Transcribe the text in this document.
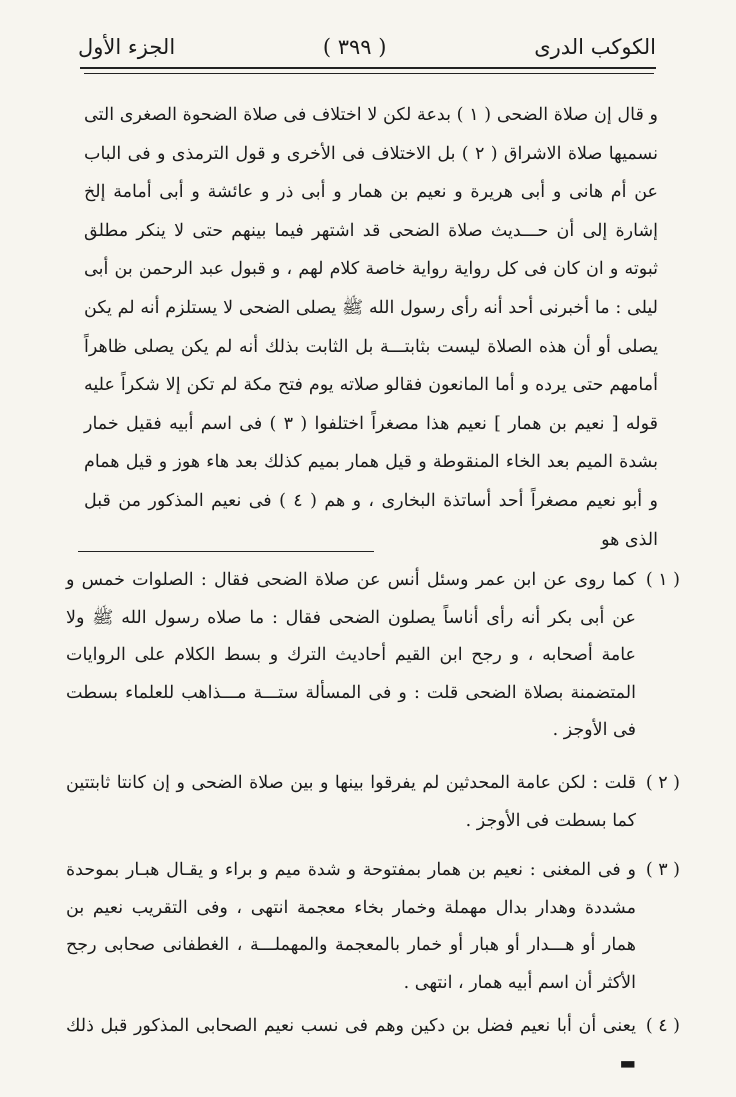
الكوكب الدرى
( ٣٩٩ )
الجزء الأول

و قال إن صلاة الضحى ( ١ ) بدعة لكن لا اختلاف فى صلاة الضحوة الصغرى التى نسميها صلاة الاشراق ( ٢ ) بل الاختلاف فى الأخرى و قول الترمذى و فى الباب عن أم هانى و أبى هريرة و نعيم بن همار و أبى ذر و عائشة و أبى أمامة إلخ إشارة إلى أن حـــديث صلاة الضحى قد اشتهر فيما بينهم حتى لا ينكر مطلق ثبوته و ان كان فى كل رواية رواية خاصة كلام لهم ، و قبول عبد الرحمن بن أبى ليلى : ما أخبرنى أحد أنه رأى رسول الله ﷺ يصلى الضحى لا يستلزم أنه لم يكن يصلى أو أن هذه الصلاة ليست بثابتـــة بل الثابت بذلك أنه لم يكن يصلى ظاهراً أمامهم حتى يرده و أما المانعون فقالو صلاته يوم فتح مكة لم تكن إلا شكراً عليه قوله [ نعيم بن همار ] نعيم هذا مصغراً اختلفوا ( ٣ ) فى اسم أبيه فقيل خمار بشدة الميم بعد الخاء المنقوطة و قيل همار بميم كذلك بعد هاء هوز و قيل همام و أبو نعيم مصغراً أحد أساتذة البخارى ، و هم ( ٤ ) فى نعيم المذكور من قبل الذى هو

( ١ )
كما روى عن ابن عمر وسئل أنس عن صلاة الضحى فقال : الصلوات خمس و عن أبى بكر أنه رأى أناساً يصلون الضحى فقال : ما صلاه رسول الله ﷺ ولا عامة أصحابه ، و رجح ابن القيم أحاديث الترك و بسط الكلام على الروايات المتضمنة بصلاة الضحى قلت : و فى المسألة ستـــة مـــذاهب للعلماء بسطت فى الأوجز .
( ٢ )
قلت : لكن عامة المحدثين لم يفرقوا بينها و بين صلاة الضحى و إن كانتا ثابتتين كما بسطت فى الأوجز .
( ٣ )
و فى المغنى : نعيم بن همار بمفتوحة و شدة ميم و براء و يقـال هبـار بموحدة مشددة وهدار بدال مهملة وخمار بخاء معجمة انتهى ، وفى التقريب نعيم بن همار أو هـــدار أو هبار أو خمار بالمعجمة والمهملـــة ، الغطفانى صحابى رجح الأكثر أن اسم أبيه همار ، انتهى .
( ٤ )
يعنى أن أبا نعيم فضل بن دكين وهم فى نسب نعيم الصحابى المذكور قبل ذلك ▬
